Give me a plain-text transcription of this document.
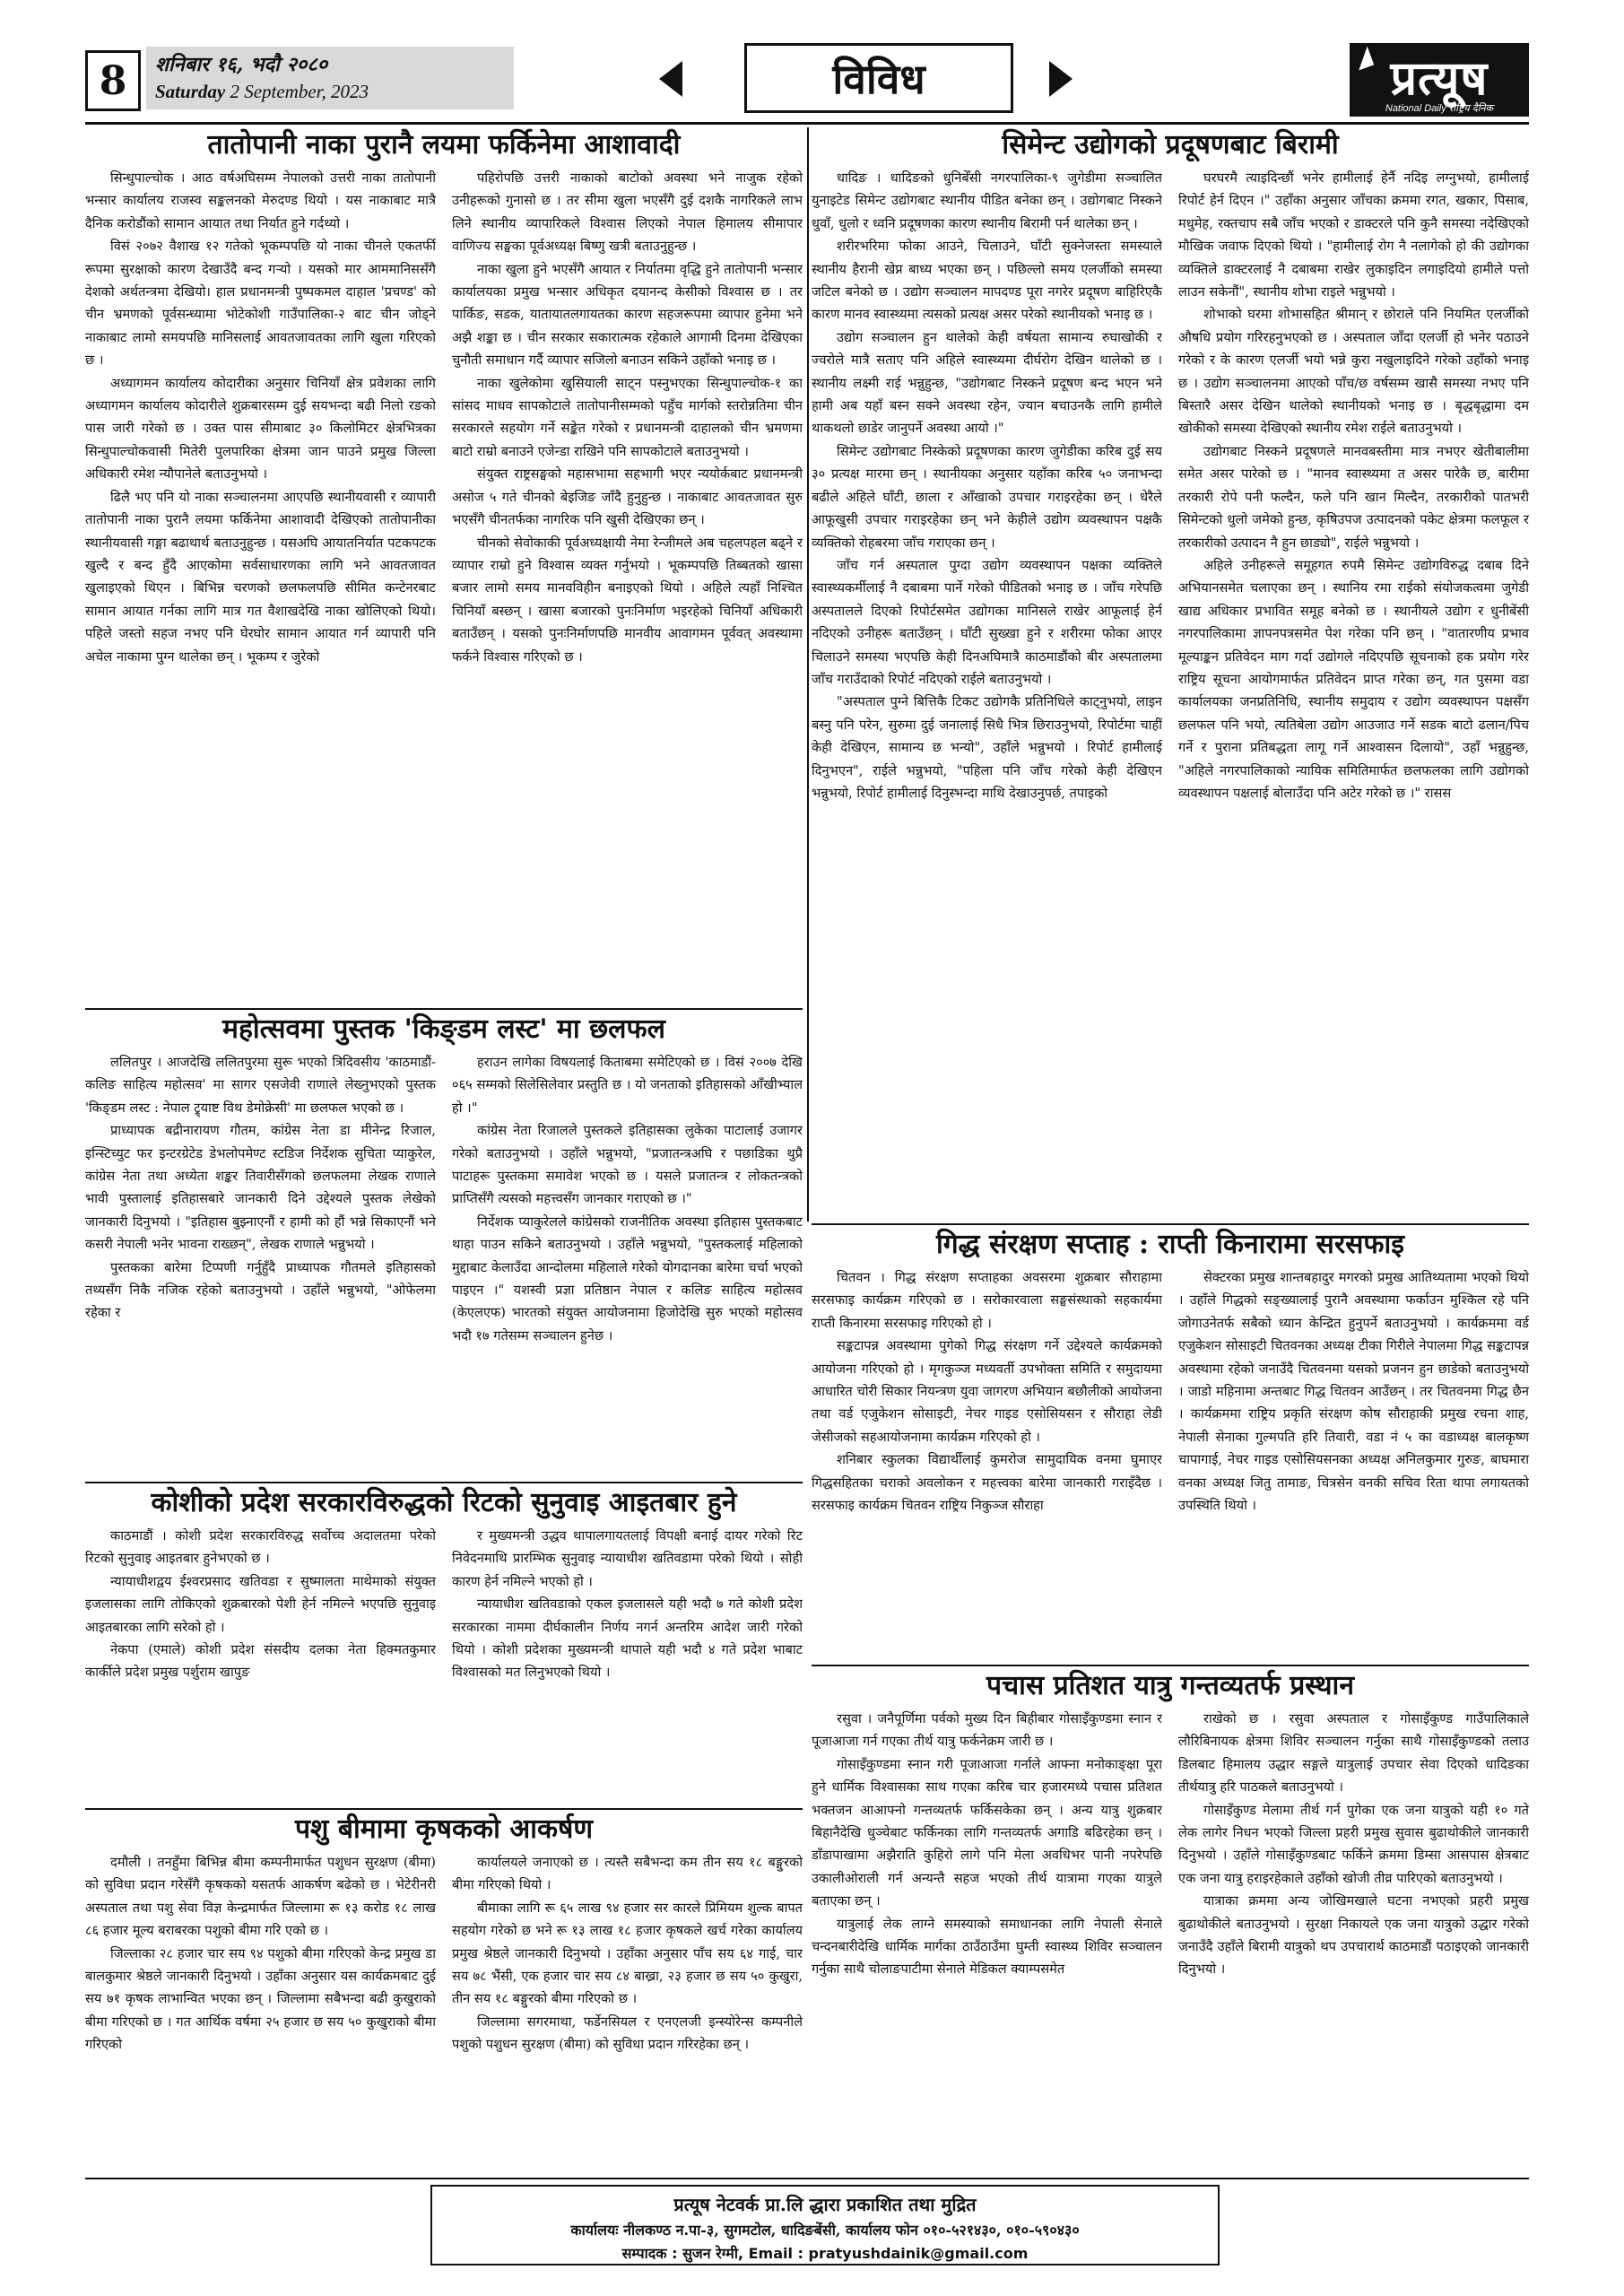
8	शनिबार १६, भदौ २०८०
Saturday 2 September, 2023	विविध	प्रत्यूष
National Daily राष्ट्रिय दैनिक
तातोपानी नाका पुरानै लयमा फर्किनेमा आशावादी

सिन्धुपाल्चोक । आठ वर्षअघिसम्म नेपालको उत्तरी नाका तातोपानी भन्सार कार्यालय राजस्व सङ्कलनको मेरुदण्ड थियो । यस नाकाबाट मात्रै दैनिक करोडौंको सामान आयात तथा निर्यात हुने गर्दथ्यो ।

विसं २०७२ वैशाख १२ गतेको भूकम्पपछि यो नाका चीनले एकतर्फी रूपमा सुरक्षाको कारण देखाउँदै बन्द गऱ्यो । यसको मार आममानिससँगै देशको अर्थतन्त्रमा देखियो। हाल प्रधानमन्त्री पुष्पकमल दाहाल 'प्रचण्ड' को चीन भ्रमणको पूर्वसन्ध्यामा भोटेकोशी गाउँपालिका-२ बाट चीन जोड्ने नाकाबाट लामो समयपछि मानिसलाई आवतजावतका लागि खुला गरिएको छ ।

अध्यागमन कार्यालय कोदारीका अनुसार चिनियाँ क्षेत्र प्रवेशका लागि अध्यागमन कार्यालय कोदारीले शुक्रबारसम्म दुई सयभन्दा बढी निलो रङको पास जारी गरेको छ । उक्त पास सीमाबाट ३० किलोमिटर क्षेत्रभित्रका सिन्धुपाल्चोकवासी मितेरी पुलपारिका क्षेत्रमा जान पाउने प्रमुख जिल्ला अधिकारी रमेश न्यौपानेले बताउनुभयो ।

ढिलै भए पनि यो नाका सञ्चालनमा आएपछि स्थानीयवासी र व्यापारी तातोपानी नाका पुरानै लयमा फर्किनेमा आशावादी देखिएको तातोपानीका स्थानीयवासी गङ्गा बढाथार्थ बताउनुहुन्छ । यसअघि आयातनिर्यात पटकपटक खुल्दै र बन्द हुँदै आएकोमा सर्वसाधारणका लागि भने आवतजावत खुलाइएको थिएन । बिभिन्न चरणको छलफलपछि सीमित कन्टेनरबाट सामान आयात गर्नका लागि मात्र गत वैशाखदेखि नाका खोलिएको थियो। पहिले जस्तो सहज नभए पनि घेरघोर सामान आयात गर्न व्यापारी पनि अचेल नाकामा पुग्न थालेका छन् । भूकम्प र जुरेको

पहिरोपछि उत्तरी नाकाको बाटोको अवस्था भने नाजुक रहेको उनीहरूको गुनासो छ । तर सीमा खुला भएसँगै दुई दशकै नागरिकले लाभ लिने स्थानीय व्यापारिकले विश्वास लिएको नेपाल हिमालय सीमापार वाणिज्य सङ्घका पूर्वअध्यक्ष बिष्णु खत्री बताउनुहुन्छ ।

नाका खुला हुने भएसँगै आयात र निर्यातमा वृद्धि हुने तातोपानी भन्सार कार्यालयका प्रमुख भन्सार अधिकृत दयानन्द केसीको विश्वास छ । तर पार्किङ, सडक, यातायातलगायतका कारण सहजरूपमा व्यापार हुनेमा भने अझै शङ्का छ । चीन सरकार सकारात्मक रहेकाले आगामी दिनमा देखिएका चुनौती समाधान गर्दै व्यापार सजिलो बनाउन सकिने उहाँको भनाइ छ ।

नाका खुलेकोमा खुसियाली साट्न पस्नुभएका सिन्धुपाल्चोक-१ का सांसद माधव सापकोटाले तातोपानीसम्मको पहुँच मार्गको स्तरोन्नतिमा चीन सरकारले सहयोग गर्ने सङ्केत गरेको र प्रधानमन्त्री दाहालको चीन भ्रमणमा बाटो राम्रो बनाउने एजेन्डा राखिने पनि सापकोटाले बताउनुभयो ।

संयुक्त राष्ट्रसङ्घको महासभामा सहभागी भएर न्ययोर्कबाट प्रधानमन्त्री असोज ५ गते चीनको बेइजिङ जाँदै हुनुहुन्छ । नाकाबाट आवतजावत सुरु भएसँगै चीनतर्फका नागरिक पनि खुसी देखिएका छन् ।

चीनको सेवोकाकी पूर्वअध्यक्षायी नेमा रेन्जीमले अब चहलपहल बढ्ने र व्यापार राम्रो हुने विश्वास व्यक्त गर्नुभयो । भूकम्पपछि तिब्बतको खासा बजार लामो समय मानवविहीन बनाइएको थियो । अहिले त्यहाँ निश्चित चिनियाँ बस्छन् । खासा बजारको पुनःनिर्माण भइरहेको चिनियाँ अधिकारी बताउँछन् । यसको पुनःनिर्माणपछि मानवीय आवागमन पूर्ववत् अवस्थामा फर्कने विश्वास गरिएको छ ।

सिमेन्ट उद्योगको प्रदूषणबाट बिरामी

धादिङ । धादिङको धुनिबेँसी नगरपालिका-९ जुगेडीमा सञ्चालित युनाइटेड सिमेन्ट उद्योगबाट स्थानीय पीडित बनेका छन् । उद्योगबाट निस्कने धुवाँ, धुलो र ध्वनि प्रदूषणका कारण स्थानीय बिरामी पर्न थालेका छन् ।

शरीरभरिमा फोका आउने, चिलाउने, घाँटी सुक्नेजस्ता समस्याले स्थानीय हैरानी खेप्न बाध्य भएका छन् । पछिल्लो समय एलर्जीको समस्या जटिल बनेको छ । उद्योग सञ्चालन मापदण्ड पूरा नगरेर प्रदूषण बाहिरिएकै कारण मानव स्वास्थ्यमा त्यसको प्रत्यक्ष असर परेको स्थानीयको भनाइ छ ।

उद्योग सञ्चालन हुन थालेको केही वर्षयता सामान्य रुघाखोकी र ज्वरोले मात्रै सताए पनि अहिले स्वास्थ्यमा दीर्घरोग देखिन थालेको छ । स्थानीय लक्ष्मी राई भन्नुहुन्छ, "उद्योगबाट निस्कने प्रदूषण बन्द भएन भने हामी अब यहाँ बस्न सक्ने अवस्था रहेन, ज्यान बचाउनकै लागि हामीले थाकथलो छाडेर जानुपर्ने अवस्था आयो ।"

सिमेन्ट उद्योगबाट निस्केको प्रदूषणका कारण जुगेडीका करिब दुई सय ३० प्रत्यक्ष मारमा छन् । स्थानीयका अनुसार यहाँका करिब ५० जनाभन्दा बढीले अहिले घाँटी, छाला र आँखाको उपचार गराइरहेका छन् । धेरैले आफूखुसी उपचार गराइरहेका छन् भने केहीले उद्योग व्यवस्थापन पक्षकै व्यक्तिको रोहबरमा जाँच गराएका छन् ।

जाँच गर्न अस्पताल पुग्दा उद्योग व्यवस्थापन पक्षका व्यक्तिले स्वास्थ्यकर्मीलाई नै दबाबमा पार्ने गरेको पीडितको भनाइ छ । जाँच गरेपछि अस्पतालले दिएको रिपोर्टसमेत उद्योगका मानिसले राखेर आफूलाई हेर्न नदिएको उनीहरू बताउँछन् । घाँटी सुख्खा हुने र शरीरमा फोका आएर चिलाउने समस्या भएपछि केही दिनअघिमात्रै काठमाडौंको बीर अस्पतालमा जाँच गराउँदाको रिपोर्ट नदिएको राईले बताउनुभयो ।

"अस्पताल पुग्ने बित्तिकै टिकट उद्योगकै प्रतिनिधिले काट्नुभयो, लाइन बस्नु पनि परेन, सुरुमा दुई जनालाई सिधै भित्र छिराउनुभयो, रिपोर्टमा चाहीं केही देखिएन, सामान्य छ भन्यो", उहाँले भन्नुभयो । रिपोर्ट हामीलाई दिनुभएन", राईले भन्नुभयो, "पहिला पनि जाँच गरेको केही देखिएन भन्नुभयो, रिपोर्ट हामीलाई दिनुस्भन्दा माथि देखाउनुपर्छ, तपाइको

घरघरमै त्याइदिन्छौं भनेर हामीलाई हेर्नै नदिइ लग्नुभयो, हामीलाई रिपोर्ट हेर्न दिएन ।" उहाँका अनुसार जाँचका क्रममा रगत, खकार, पिसाब, मधुमेह, रक्तचाप सबै जाँच भएको र डाक्टरले पनि कुनै समस्या नदेखिएको मौखिक जवाफ दिएको थियो । "हामीलाई रोग नै नलागेको हो की उद्योगका व्यक्तिले डाक्टरलाई नै दबाबमा राखेर लुकाइदिन लगाइदियो हामीले पत्तो लाउन सकेनौं", स्थानीय शोभा राइले भन्नुभयो ।

शोभाको घरमा शोभासहित श्रीमान् र छोराले पनि नियमित एलर्जीको औषधि प्रयोग गरिरहनुभएको छ । अस्पताल जाँदा एलर्जी हो भनेर पठाउने गरेको र के कारण एलर्जी भयो भन्ने कुरा नखुलाइदिने गरेको उहाँको भनाइ छ । उद्योग सञ्चालनमा आएको पाँच/छ वर्षसम्म खासै समस्या नभए पनि बिस्तारै असर देखिन थालेको स्थानीयको भनाइ छ । बृद्धबृद्धामा दम खोकीको समस्या देखिएको स्थानीय रमेश राईले बताउनुभयो ।

उद्योगबाट निस्कने प्रदूषणले मानवबस्तीमा मात्र नभएर खेतीबालीमा समेत असर पारेको छ । "मानव स्वास्थ्यमा त असर पारेकै छ, बारीमा तरकारी रोपे पनी फल्दैन, फले पनि खान मिल्दैन, तरकारीको पातभरी सिमेन्टको धुलो जमेको हुन्छ, कृषिउपज उत्पादनको पकेट क्षेत्रमा फलफूल र तरकारीको उत्पादन नै हुन छाड्यो", राईले भन्नुभयो ।

अहिले उनीहरूले समूहगत रुपमै सिमेन्ट उद्योगविरुद्ध दबाब दिने अभियानसमेत चलाएका छन् । स्थानिय रमा राईको संयोजकत्वमा जुगेडी खाद्य अधिकार प्रभावित समूह बनेको छ । स्थानीयले उद्योग र धुनीबेंसी नगरपालिकामा ज्ञापनपत्रसमेत पेश गरेका पनि छन् । "वातारणीय प्रभाव मूल्याङ्कन प्रतिवेदन माग गर्दा उद्योगले नदिएपछि सूचनाको हक प्रयोग गरेर राष्ट्रिय सूचना आयोगमार्फत प्रतिवेदन प्राप्त गरेका छन्, गत पुसमा वडा कार्यालयका जनप्रतिनिधि, स्थानीय समुदाय र उद्योग व्यवस्थापन पक्षसँग छलफल पनि भयो, त्यतिबेला उद्योग आउजाउ गर्ने सडक बाटो ढलान/पिच गर्ने र पुराना प्रतिबद्धता लागू गर्ने आश्वासन दिलायो", उहाँ भन्नुहुन्छ, "अहिले नगरपालिकाको न्यायिक समितिमार्फत छलफलका लागि उद्योगको व्यवस्थापन पक्षलाई बोलाउँदा पनि अटेर गरेको छ ।" रासस

महोत्सवमा पुस्तक 'किङ्डम लस्ट' मा छलफल

ललितपुर । आजदेखि ललितपुरमा सुरू भएको त्रिदिवसीय 'काठमाडौं-कलिङ साहित्य महोत्सव' मा सागर एसजेवी राणाले लेख्नुभएको पुस्तक 'किङ्डम लस्ट : नेपाल ट्र्याष्ट विथ डेमोक्रेसी' मा छलफल भएको छ ।

प्राध्यापक बद्रीनारायण गौतम, कांग्रेस नेता डा मीनेन्द्र रिजाल, इन्स्टिच्युट फर इन्टरग्रेटेड डेभलोपमेण्ट स्टडिज निर्देशक सुचिता प्याकुरेल, कांग्रेस नेता तथा अध्येता शङ्कर तिवारीसँगको छलफलमा लेखक राणाले भावी पुस्तालाई इतिहासबारे जानकारी दिने उद्देश्यले पुस्तक लेखेको जानकारी दिनुभयो । "इतिहास बुझ्नाएनौं र हामी को हौं भन्ने सिकाएनौं भने कसरी नेपाली भनेर भावना राख्छन्", लेखक राणाले भन्नुभयो ।

पुस्तकका बारेमा टिप्पणी गर्नुहुँदै प्राध्यापक गौतमले इतिहासको तथ्यसँग निकै नजिक रहेको बताउनुभयो । उहाँले भन्नुभयो, "ओफेलमा रहेका र

हराउन लागेका विषयलाई किताबमा समेटिएको छ । विसं २००७ देखि ०६५ सम्मको सिलेसिलेवार प्रस्तुति छ । यो जनताको इतिहासको आँखीभ्याल हो ।"

कांग्रेस नेता रिजालले पुस्तकले इतिहासका लुकेका पाटालाई उजागर गरेको बताउनुभयो । उहाँले भन्नुभयो, "प्रजातन्त्रअघि र पछाडिका थुप्रै पाटाहरू पुस्तकमा समावेश भएको छ । यसले प्रजातन्त्र र लोकतन्त्रको प्राप्तिसँगै त्यसको महत्त्वसँग जानकार गराएको छ ।"

निर्देशक प्याकुरेलले कांग्रेसको राजनीतिक अवस्था इतिहास पुस्तकबाट थाहा पाउन सकिने बताउनुभयो । उहाँले भन्नुभयो, "पुस्तकलाई महिलाको मुद्दाबाट केलाउँदा आन्दोलमा महिलाले गरेको योगदानका बारेमा चर्चा भएको पाइएन ।" यशस्वी प्रज्ञा प्रतिष्ठान नेपाल र कलिङ साहित्य महोत्सव (केएलएफ) भारतको संयुक्त आयोजनामा हिजोदेखि सुरु भएको महोत्सव भदौ १७ गतेसम्म सञ्चालन हुनेछ ।

गिद्ध संरक्षण सप्ताह : राप्ती किनारामा सरसफाइ

चितवन । गिद्ध संरक्षण सप्ताहका अवसरमा शुक्रबार सौराहामा सरसफाइ कार्यक्रम गरिएको छ । सरोकारवाला सङ्घसंस्थाको सहकार्यमा राप्ती किनारमा सरसफाइ गरिएको हो ।

सङ्कटापन्न अवस्थामा पुगेको गिद्ध संरक्षण गर्ने उद्देश्यले कार्यक्रमको आयोजना गरिएको हो । मृगकुञ्ज मध्यवर्ती उपभोक्ता समिति र समुदायमा आधारित चोरी सिकार नियन्त्रण युवा जागरण अभियान बछौलीको आयोजना तथा वर्ड एजुकेशन सोसाइटी, नेचर गाइड एसोसियसन र सौराहा लेडी जेसीजको सहआयोजनामा कार्यक्रम गरिएको हो ।

शनिबार स्कुलका विद्यार्थीलाई कुमरोज सामुदायिक वनमा घुमाएर गिद्धसहितका चराको अवलोकन र महत्त्वका बारेमा जानकारी गराइँदैछ । सरसफाइ कार्यक्रम चितवन राष्ट्रिय निकुञ्ज सौराहा

सेक्टरका प्रमुख शान्तबहादुर मगरको प्रमुख आतिथ्यतामा भएको थियो । उहाँले गिद्धको सङ्ख्यालाई पुरानै अवस्थामा फर्काउन मुश्किल रहे पनि जोगाउनेतर्फ सबैको ध्यान केन्द्रित हुनुपर्ने बताउनुभयो । कार्यक्रममा वर्ड एजुकेशन सोसाइटी चितवनका अध्यक्ष टीका गिरीले नेपालमा गिद्ध सङ्कटापन्न अवस्थामा रहेको जनाउँदै चितवनमा यसको प्रजनन हुन छाडेको बताउनुभयो । जाडो महिनामा अन्तबाट गिद्ध चितवन आउँछन् । तर चितवनमा गिद्ध छैन । कार्यक्रममा राष्ट्रिय प्रकृति संरक्षण कोष सौराहाकी प्रमुख रचना शाह, नेपाली सेनाका गुल्मपति हरि तिवारी, वडा नं ५ का वडाध्यक्ष बालकृष्ण चापागाई, नेचर गाइड एसोसियसनका अध्यक्ष अनिलकुमार गुरुङ, बाघमारा वनका अध्यक्ष जितु तामाङ, चित्रसेन वनकी सचिव रिता थापा लगायतको उपस्थिति थियो ।

कोशीको प्रदेश सरकारविरुद्धको रिटको सुनुवाइ आइतबार हुने

काठमाडौं । कोशी प्रदेश सरकारविरुद्ध सर्वोच्च अदालतमा परेको रिटको सुनुवाइ आइतबार हुनेभएको छ ।

न्यायाधीशद्वय ईश्वरप्रसाद खतिवडा र सुष्मालता माथेमाको संयुक्त इजलासका लागि तोकिएको शुक्रबारको पेशी हेर्न नमिल्ने भएपछि सुनुवाइ आइतबारका लागि सरेको हो ।

नेकपा (एमाले) कोशी प्रदेश संसदीय दलका नेता हिक्मतकुमार कार्कीले प्रदेश प्रमुख पर्शुराम खापुङ

र मुख्यमन्त्री उद्धव थापालगायतलाई विपक्षी बनाई दायर गरेको रिट निवेदनमाथि प्रारम्भिक सुनुवाइ न्यायाधीश खतिवडामा परेको थियो । सोही कारण हेर्न नमिल्ने भएको हो ।

न्यायाधीश खतिवडाको एकल इजलासले यही भदौ ७ गते कोशी प्रदेश सरकारका नाममा दीर्घकालीन निर्णय नगर्न अन्तरिम आदेश जारी गरेको थियो । कोशी प्रदेशका मुख्यमन्त्री थापाले यही भदौ ४ गते प्रदेश भाबाट विश्वासको मत लिनुभएको थियो ।	पचास प्रतिशत यात्रु गन्तव्यतर्फ प्रस्थान

रसुवा । जनैपूर्णिमा पर्वको मुख्य दिन बिहीबार गोसाइँकुण्डमा स्नान र पूजाआजा गर्न गएका तीर्थ यात्रु फर्कनेक्रम जारी छ ।

गोसाइँकुण्डमा स्नान गरी पूजाआजा गर्नाले आफ्ना मनोकाङ्क्षा पूरा हुने धार्मिक विश्वासका साथ गएका करिब चार हजारमध्ये पचास प्रतिशत भक्तजन आआफ्नो गन्तव्यतर्फ फर्किसकेका छन् । अन्य यात्रु शुक्रबार बिहानैदेखि धुञ्चेबाट फर्किनका लागि गन्तव्यतर्फ अगाडि बढिरहेका छन् । डाँडापाखामा अझैराति कुहिरो लागे पनि मेला अवधिभर पानी नपरेपछि उकालीओराली गर्न अन्यन्तै सहज भएको तीर्थ यात्रामा गएका यात्रुले बताएका छन् ।

यात्रुलाई लेक लाग्ने समस्याको समाधानका लागि नेपाली सेनाले चन्दनबारीदेखि धार्मिक मार्गका ठाउँठाउँमा घुम्ती स्वास्थ्य शिविर सञ्चालन गर्नुका साथै चोलाङपाटीमा सेनाले मेडिकल क्याम्पसमेत

राखेको छ । रसुवा अस्पताल र गोसाइँकुण्ड गाउँपालिकाले लौरिबिनायक क्षेत्रमा शिविर सञ्चालन गर्नुका साथै गोसाइँकुण्डको तलाउ डिलबाट हिमालय उद्धार सङ्गले यात्रुलाई उपचार सेवा दिएको धादिङका तीर्थयात्रु हरि पाठकले बताउनुभयो ।

गोसाइँकुण्ड मेलामा तीर्थ गर्न पुगेका एक जना यात्रुको यही १० गते लेक लागेर निधन भएको जिल्ला प्रहरी प्रमुख सुवास बुढाथोकीले जानकारी दिनुभयो । उहाँले गोसाइँकुण्डबाट फर्किने क्रममा डिम्सा आसपास क्षेत्रबाट एक जना यात्रु हराइरहेकाले उहाँको खोजी तीव्र पारिएको बताउनुभयो ।

यात्राका क्रममा अन्य जोखिमखाले घटना नभएको प्रहरी प्रमुख बुढाथोकीले बताउनुभयो । सुरक्षा निकायले एक जना यात्रुको उद्धार गरेको जनाउँदै उहाँले बिरामी यात्रुको थप उपचारार्थ काठमाडौं पठाइएको जानकारी दिनुभयो ।

पशु बीमामा कृषकको आकर्षण

दमौली । तनहुँमा बिभिन्न बीमा कम्पनीमार्फत पशुधन सुरक्षण (बीमा) को सुविधा प्रदान गरेसँगै कृषकको यसतर्फ आकर्षण बढेको छ । भेटेरीनरी अस्पताल तथा पशु सेवा विज्ञ केन्द्रमार्फत जिल्लामा रू १३ करोड १८ लाख ८६ हजार मूल्य बराबरका पशुको बीमा गरि एको छ ।

जिल्लाका २८ हजार चार सय ९४ पशुको बीमा गरिएको केन्द्र प्रमुख डा बालकुमार श्रेष्ठले जानकारी दिनुभयो । उहाँका अनुसार यस कार्यक्रमबाट दुई सय ७१ कृषक लाभान्वित भएका छन् । जिल्लामा सबैभन्दा बढी कुखुराको बीमा गरिएको छ । गत आर्थिक वर्षमा २५ हजार छ सय ५० कुखुराको बीमा गरिएको

कार्यालयले जनाएको छ । त्यस्तै सबैभन्दा कम तीन सय १८ बङ्गुरको बीमा गरिएको थियो ।

बीमाका लागि रू ६५ लाख ९४ हजार सर कारले प्रिमियम शुल्क बापत सहयोग गरेको छ भने रू १३ लाख १८ हजार कृषकले खर्च गरेका कार्यालय प्रमुख श्रेष्ठले जानकारी दिनुभयो । उहाँका अनुसार पाँच सय ६४ गाई, चार सय ७८ भैंसी, एक हजार चार सय ८४ बाख्रा, २३ हजार छ सय ५० कुखुरा, तीन सय १८ बङ्गुरको बीमा गरिएको छ ।

जिल्लामा सगरमाथा, फर्डेनसियल र एनएलजी इन्स्योरेन्स कम्पनीले पशुको पशुधन सुरक्षण (बीमा) को सुविधा प्रदान गरिरहेका छन् ।

प्रत्यूष नेटवर्क प्रा.लि द्धारा प्रकाशित तथा मुद्रित
कार्यालयः नीलकण्ठ न.पा-३, सुगमटोल, धादिङबेंसी, कार्यालय फोन ०१०-५२१४३०, ०१०-५९०४३०
सम्पादक : सुजन रेग्मी, Email : pratyushdainik@gmail.com
